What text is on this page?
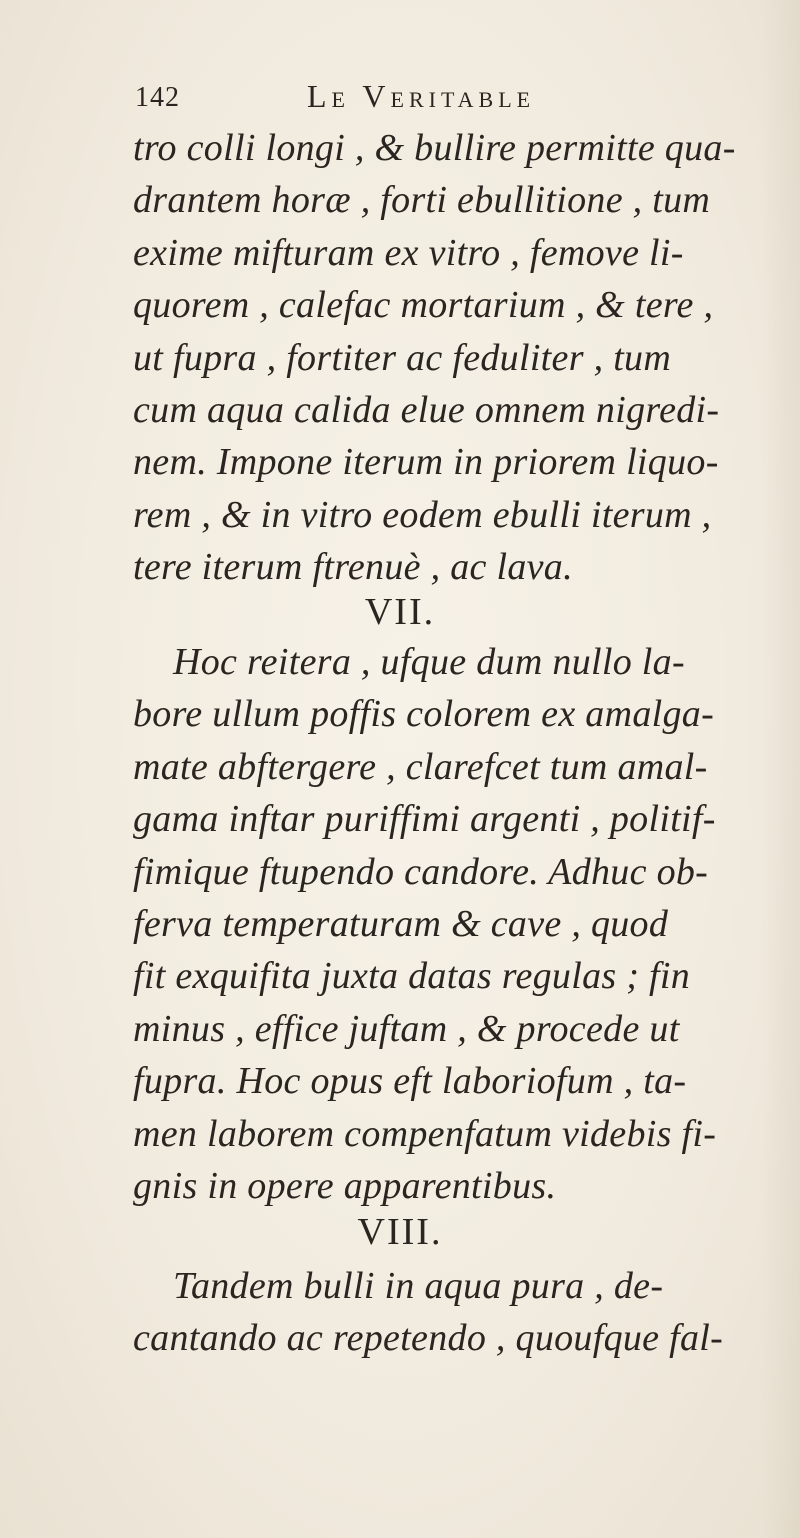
142	Le Veritable
tro colli longi , & bullire permitte qua-
drantem horæ , forti ebullitione , tum
exime mifturam ex vitro , femove li-
quorem , calefac mortarium , & tere ,
ut fupra , fortiter ac feduliter , tum
cum aqua calida elue omnem nigredi-
nem. Impone iterum in priorem liquo-
rem , & in vitro eodem ebulli iterum ,
tere iterum ftrenuè , ac lava.
VII.
Hoc reitera , ufque dum nullo la-
bore ullum poffis colorem ex amalga-
mate abftergere , clarefcet tum amal-
gama inftar puriffimi argenti , politif-
fimique ftupendo candore. Adhuc ob-
ferva temperaturam & cave , quod
fit exquifita juxta datas regulas ; fin
minus , effice juftam , & procede ut
fupra. Hoc opus eft laboriofum , ta-
men laborem compenfatum videbis fi-
gnis in opere apparentibus.
VIII.
Tandem bulli in aqua pura , de-
cantando ac repetendo , quoufque fal-
